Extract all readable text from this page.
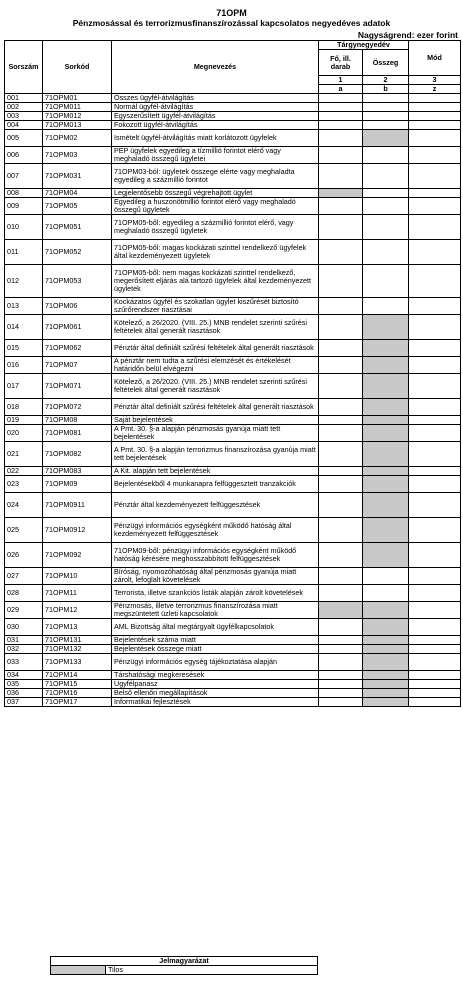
71OPM
Pénzmosással és terrorizmusfinanszírozással kapcsolatos negyedéves adatok
Nagyságrend: ezer forint
Sorszám	Sorkód	Megnevezés	Tárgynegyedév		Mód
			Fő, ill. darab	Összeg	
			1	2	3
			a	b	z
001	71OPM01	Összes ügyfél-átvilágítás			
002	71OPM011	Normál ügyfél-átvilágítás			
003	71OPM012	Egyszerűsített ügyfél-átvilágítás			
004	71OPM013	Fokozott ügyfél-átvilágítás			
005	71OPM02	Ismételt ügyfél-átvilágítás miatt korlátozott ügyfelek			
006	71OPM03	PEP ügyfelek egyedileg a tízmillió forintot elérő vagy meghaladó összegű ügyletei			
007	71OPM031	71OPM03-ból: ügyletek összege elérte vagy meghaladta egyedileg a százmillió forintot			
008	71OPM04	Legjelentősebb összegű végrehajtott ügylet			
009	71OPM05	Egyedileg a huszonötmillió forintot elérő vagy meghaladó összegű ügyletek			
010	71OPM051	71OPM05-ből: egyedileg a százmillió forintot elérő, vagy meghaladó összegű ügyletek			
011	71OPM052	71OPM05-ből: magas kockázati szinttel rendelkező ügyfelek által kezdeményezett ügyletek			
012	71OPM053	71OPM05-ből: nem magas kockázati szinttel rendelkező, megerősített eljárás alá tartozó ügyfelek által kezdeményezett ügyletek			
013	71OPM06	Kockázatos ügyfél és szokatlan ügylet kiszűrését biztosító szűrőrendszer riasztásai			
014	71OPM061	Kötelező, a 26/2020. (VIII. 25.) MNB rendelet szerinti szűrési feltételek által generált riasztások			
015	71OPM062	Pénztár által definiált szűrési feltételek által generált riasztások			
016	71OPM07	A pénztár nem tudta a szűrési elemzését és értékelését határidőn belül elvégezni			
017	71OPM071	Kötelező, a 26/2020. (VIII. 25.) MNB rendelet szerinti szűrési feltételek által generált riasztások			
018	71OPM072	Pénztár által definiált szűrési feltételek által generált riasztások			
019	71OPM08	Saját bejelentések			
020	71OPM081	A Pmt. 30. §-a alapján pénzmosás gyanúja miatt tett bejelentések			
021	71OPM082	A Pmt. 30. §-a alapján terrorizmus finanszírozása gyanúja miatt tett bejelentések			
022	71OPM083	A Kit. alapján tett bejelentések			
023	71OPM09	Bejelentésekből 4 munkanapra felfüggesztett tranzakciók			
024	71OPM0911	Pénztár által kezdeményezett felfüggesztések			
025	71OPM0912	Pénzügyi információs egységként működő hatóság által kezdeményezett felfüggesztések			
026	71OPM092	71OPM09-ből: pénzügyi információs egységként működő hatóság kérésére meghosszabbított felfüggesztések			
027	71OPM10	Bíróság, nyomozóhatóság által pénzmosás gyanúja miatt zárolt, lefoglalt követelések			
028	71OPM11	Terrorista, illetve szankciós listák alapján zárolt követelések			
029	71OPM12	Pénzmosás, illetve terrorizmus finanszírozása miatt megszüntetett üzleti kapcsolatok			
030	71OPM13	AML Bizottság által megtárgyalt ügyfélkapcsolatok			
031	71OPM131	Bejelentések száma miatt			
032	71OPM132	Bejelentések összege miatt			
033	71OPM133	Pénzügyi információs egység tájékoztatása alapján			
034	71OPM14	Társhatósági megkeresések			
035	71OPM15	Ügyfélpanasz			
036	71OPM16	Belső ellenőri megállapítások			
037	71OPM17	Informatikai fejlesztések			
Jelmagyarázat
	Tilos
